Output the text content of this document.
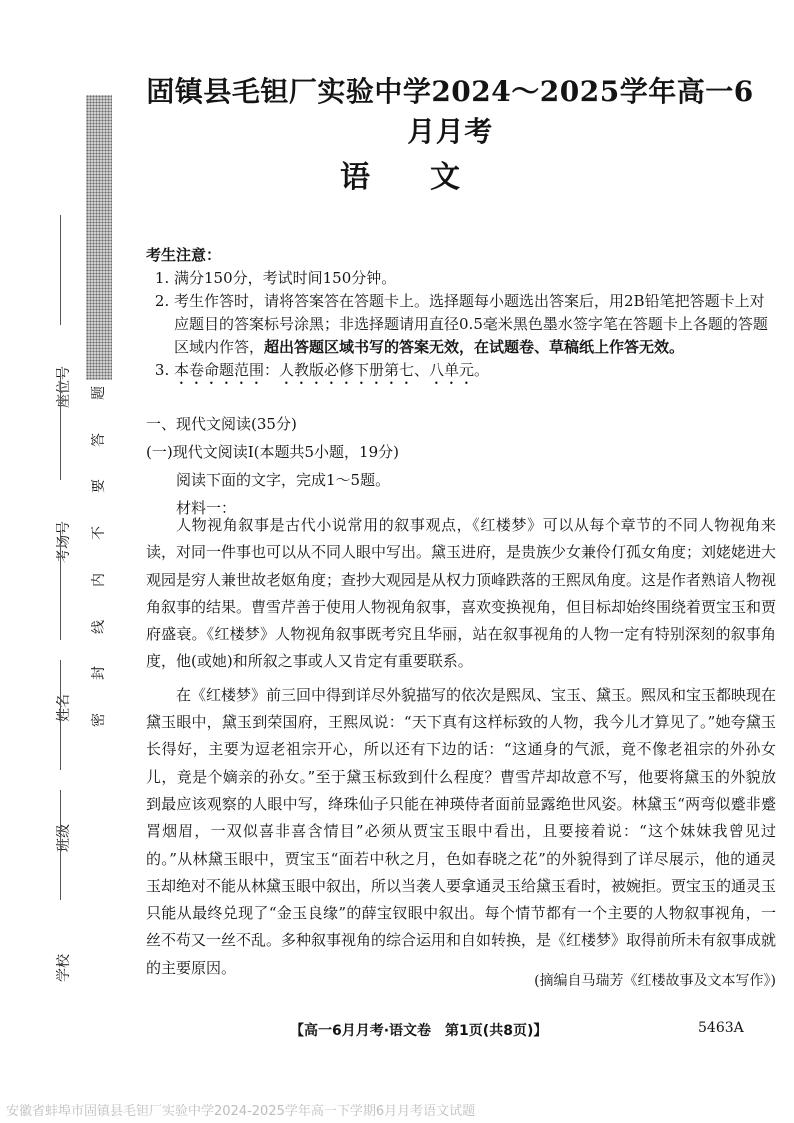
题
答
要
不
内
线
封
密
座位号
考场号
姓名
班级
学校
固镇县毛钽厂实验中学2024～2025学年高一6月月考
语文
考生注意：
1. 满分150分，考试时间150分钟。
2. 考生作答时，请将答案答在答题卡上。选择题每小题选出答案后，用2B铅笔把答题卡上对应题目的答案标号涂黑；非选择题请用直径0.5毫米黑色墨水签字笔在答题卡上各题的答题区域内作答，超出答题区域书写的答案无效，在试题卷、草稿纸上作答无效。
3. 本卷命题范围：人教版必修下册第七、八单元。

一、现代文阅读(35分)

(一)现代文阅读Ⅰ(本题共5小题，19分)

阅读下面的文字，完成1～5题。

材料一：

人物视角叙事是古代小说常用的叙事观点，《红楼梦》可以从每个章节的不同人物视角来读，对同一件事也可以从不同人眼中写出。黛玉进府，是贵族少女兼伶仃孤女角度；刘姥姥进大观园是穷人兼世故老妪角度；查抄大观园是从权力顶峰跌落的王熙凤角度。这是作者熟谙人物视角叙事的结果。曹雪芹善于使用人物视角叙事，喜欢变换视角，但目标却始终围绕着贾宝玉和贾府盛衰。《红楼梦》人物视角叙事既考究且华丽，站在叙事视角的人物一定有特别深刻的叙事角度，他(或她)和所叙之事或人又肯定有重要联系。

在《红楼梦》前三回中得到详尽外貌描写的依次是熙凤、宝玉、黛玉。熙凤和宝玉都映现在黛玉眼中，黛玉到荣国府，王熙凤说：“天下真有这样标致的人物，我今儿才算见了。”她夸黛玉长得好，主要为逗老祖宗开心，所以还有下边的话：“这通身的气派，竟不像老祖宗的外孙女儿，竟是个嫡亲的孙女。”至于黛玉标致到什么程度？曹雪芹却故意不写，他要将黛玉的外貌放到最应该观察的人眼中写，绛珠仙子只能在神瑛侍者面前显露绝世风姿。林黛玉“两弯似蹙非蹙罥烟眉，一双似喜非喜含情目”必须从贾宝玉眼中看出，且要接着说：“这个妹妹我曾见过的。”从林黛玉眼中，贾宝玉“面若中秋之月，色如春晓之花”的外貌得到了详尽展示，他的通灵玉却绝对不能从林黛玉眼中叙出，所以当袭人要拿通灵玉给黛玉看时，被婉拒。贾宝玉的通灵玉只能从最终兑现了“金玉良缘”的薛宝钗眼中叙出。每个情节都有一个主要的人物叙事视角，一丝不苟又一丝不乱。多种叙事视角的综合运用和自如转换，是《红楼梦》取得前所未有叙事成就的主要原因。

(摘编自马瑞芳《红楼故事及文本写作》)
【高一6月月考·语文卷　第1页(共8页)】	5463A
安徽省蚌埠市固镇县毛钽厂实验中学2024-2025学年高一下学期6月月考语文试题
